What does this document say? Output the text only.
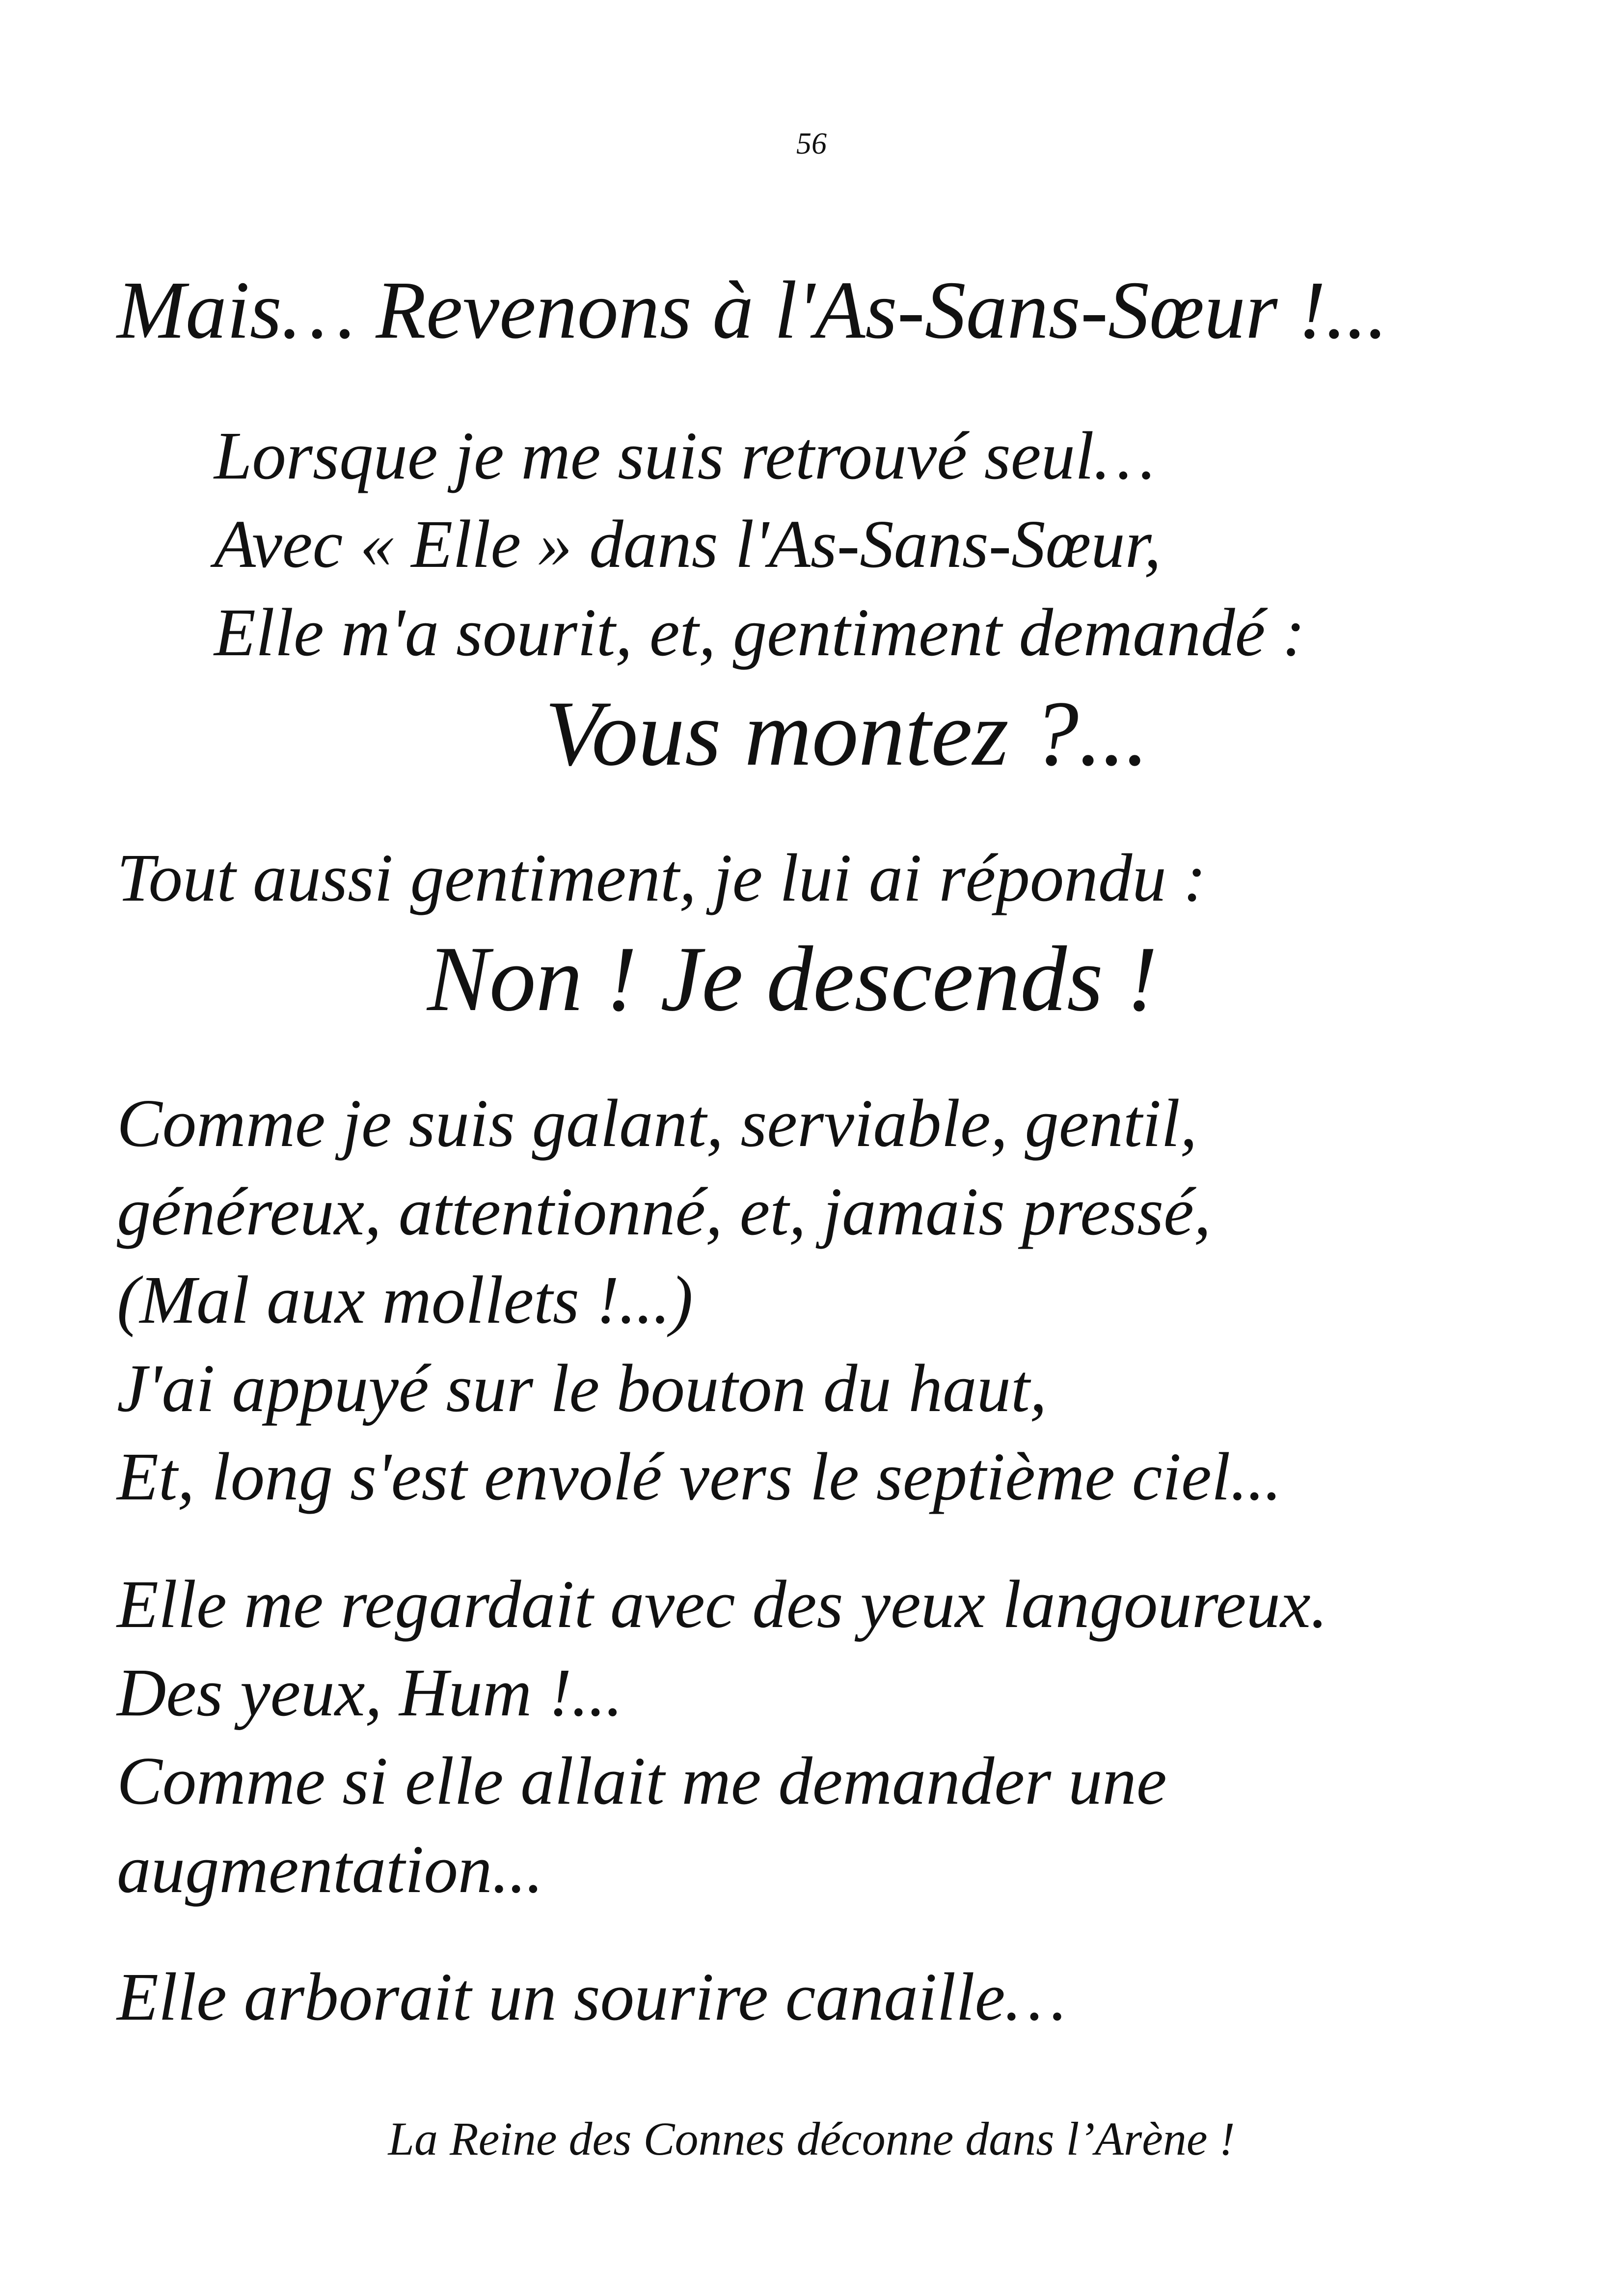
56
Mais… Revenons à l'As-Sans-Sœur !...
Lorsque je me suis retrouvé seul…
Avec « Elle » dans l'As-Sans-Sœur,
Elle m'a sourit, et, gentiment demandé :
Vous montez ?...
Tout aussi gentiment, je lui ai répondu :
Non ! Je descends !
Comme je suis galant, serviable, gentil,
généreux, attentionné, et, jamais pressé,
(Mal aux mollets !...)
J'ai appuyé sur le bouton du haut,
Et, long s'est envolé vers le septième ciel...
Elle me regardait avec des yeux langoureux.
Des yeux, Hum !...
Comme si elle allait me demander une
augmentation...
Elle arborait un sourire canaille…
La Reine des Connes déconne dans l’Arène !
